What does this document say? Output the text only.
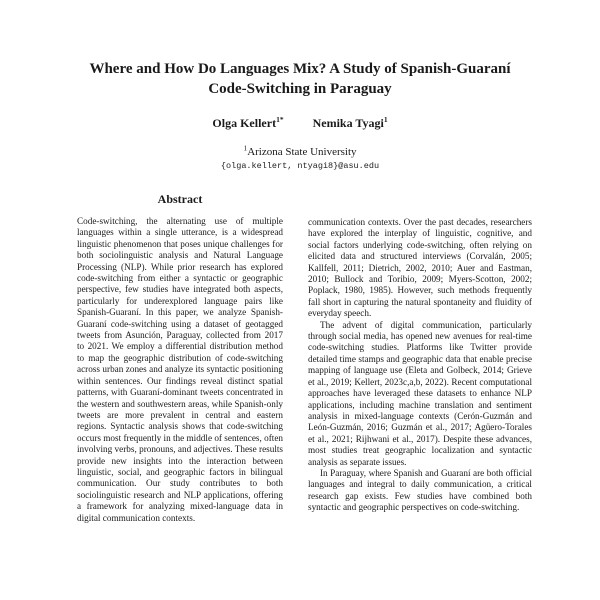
Where and How Do Languages Mix? A Study of Spanish-Guaraní Code-Switching in Paraguay
Olga Kellert$^{1*}$ Nemika Tyagi$^1$
$^1$Arizona State University
{olga.kellert, ntyagi8}@asu.edu
Abstract
Code-switching, the alternating use of multiple languages within a single utterance, is a widespread linguistic phenomenon that poses unique challenges for both sociolinguistic analysis and Natural Language Processing (NLP). While prior research has explored code-switching from either a syntactic or geographic perspective, few studies have integrated both aspects, particularly for underexplored language pairs like Spanish-Guaraní. In this paper, we analyze Spanish-Guaraní code-switching using a dataset of geotagged tweets from Asunción, Paraguay, collected from 2017 to 2021. We employ a differential distribution method to map the geographic distribution of code-switching across urban zones and analyze its syntactic positioning within sentences. Our findings reveal distinct spatial patterns, with Guaraní-dominant tweets concentrated in the western and southwestern areas, while Spanish-only tweets are more prevalent in central and eastern regions. Syntactic analysis shows that code-switching occurs most frequently in the middle of sentences, often involving verbs, pronouns, and adjectives. These results provide new insights into the interaction between linguistic, social, and geographic factors in bilingual communication. Our study contributes to both sociolinguistic research and NLP applications, offering a framework for analyzing mixed-language data in digital communication contexts.

communication contexts. Over the past decades, researchers have explored the interplay of linguistic, cognitive, and social factors underlying code-switching, often relying on elicited data and structured interviews (Corvalán, 2005; Kallfell, 2011; Dietrich, 2002, 2010; Auer and Eastman, 2010; Bullock and Toribio, 2009; Myers-Scotton, 2002; Poplack, 1980, 1985). However, such methods frequently fall short in capturing the natural spontaneity and fluidity of everyday speech.

The advent of digital communication, particularly through social media, has opened new avenues for real-time code-switching studies. Platforms like Twitter provide detailed time stamps and geographic data that enable precise mapping of language use (Eleta and Golbeck, 2014; Grieve et al., 2019; Kellert, 2023c,a,b, 2022). Recent computational approaches have leveraged these datasets to enhance NLP applications, including machine translation and sentiment analysis in mixed-language contexts (Cerón-Guzmán and León-Guzmán, 2016; Guzmán et al., 2017; Agüero-Torales et al., 2021; Rijhwani et al., 2017). Despite these advances, most studies treat geographic localization and syntactic analysis as separate issues.

In Paraguay, where Spanish and Guaraní are both official languages and integral to daily communication, a critical research gap exists. Few studies have combined both syntactic and geographic perspectives on code-switching.
